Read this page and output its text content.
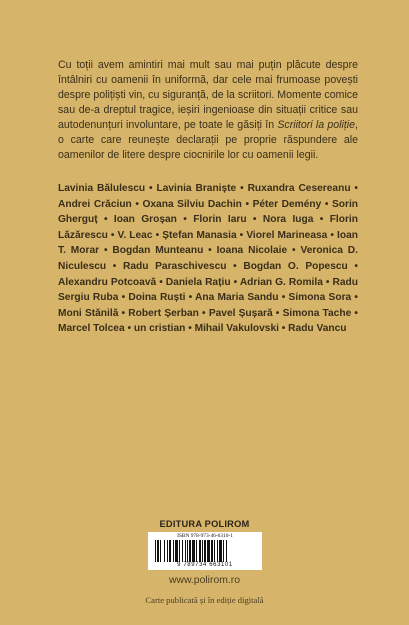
Cu toții avem amintiri mai mult sau mai puțin plăcute despre întâlniri cu oamenii în uniformă, dar cele mai frumoase povești despre polițiști vin, cu siguranță, de la scriitori. Momente comice sau de-a dreptul tragice, ieșiri ingenioase din situații critice sau autodenunțuri involuntare, pe toate le găsiți în Scriitori la poliție, o carte care reunește declarații pe proprie răspundere ale oamenilor de litere despre ciocnirile lor cu oamenii legii.
Lavinia Bălulescu • Lavinia Braniște • Ruxandra Cesereanu • Andrei Crăciun • Oxana Silviu Dachin • Péter Demény • Sorin Gherguț • Ioan Groșan • Florin Iaru • Nora Iuga • Florin Lăzărescu • V. Leac • Ștefan Manasia • Viorel Marineasa • Ioan T. Morar • Bogdan Munteanu • Ioana Nicolaie • Veronica D. Niculescu • Radu Paraschivescu • Bogdan O. Popescu • Alexandru Potcoavă • Daniela Rațiu • Adrian G. Romila • Radu Sergiu Ruba • Doina Ruști • Ana Maria Sandu • Simona Sora • Moni Stănilă • Robert Șerban • Pavel Șușară • Simona Tache • Marcel Tolcea • un cristian • Mihail Vakulovski • Radu Vancu
EDITURA POLIROM
ISBN 978-973-46-6310-1
9 789734 663101
www.polirom.ro
Carte publicată și în ediție digitală
